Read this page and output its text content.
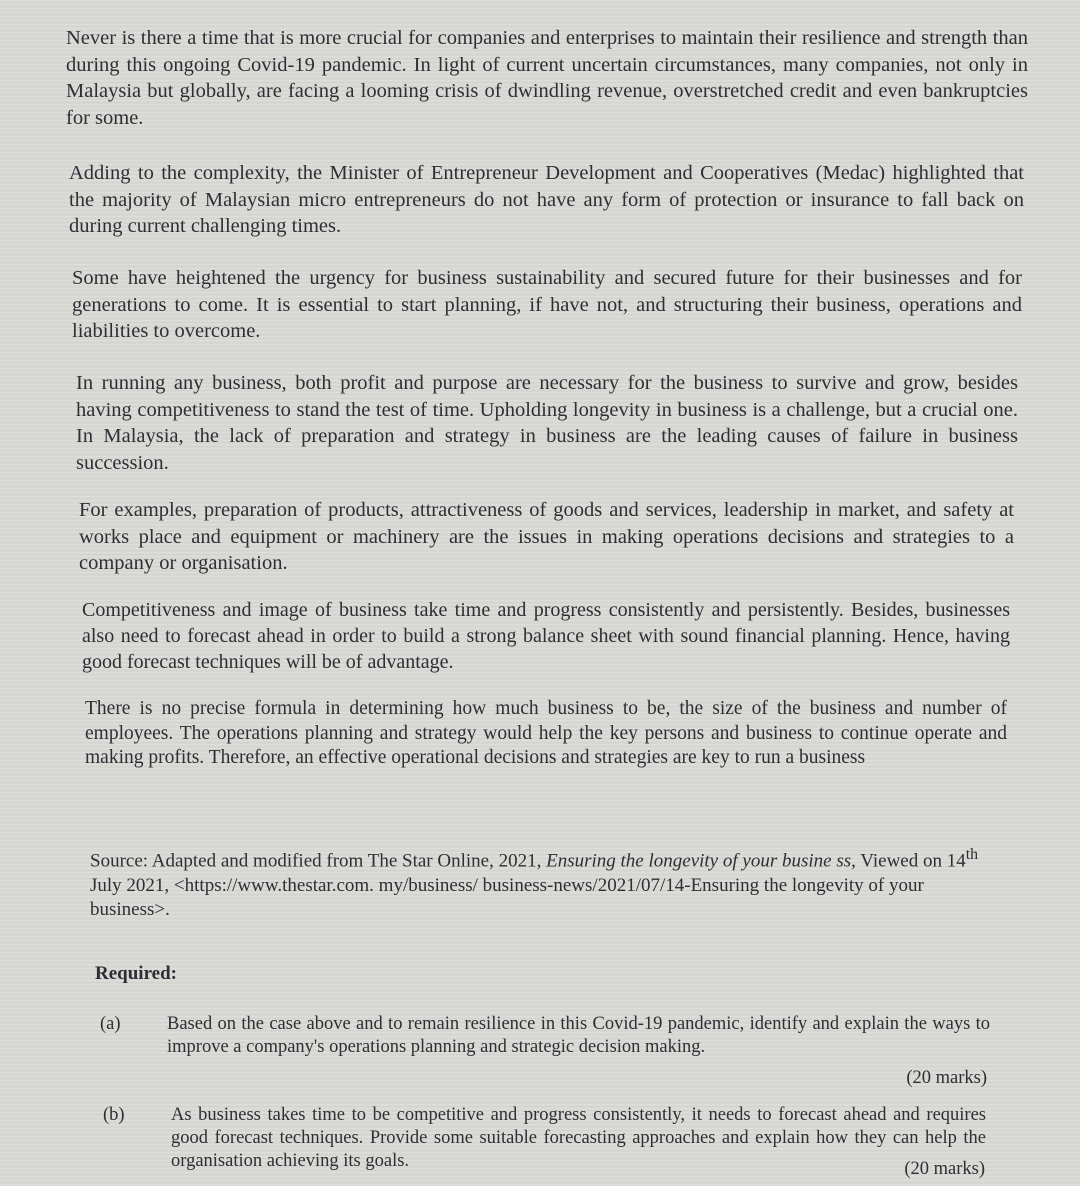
Never is there a time that is more crucial for companies and enterprises to maintain their resilience and strength than during this ongoing Covid-19 pandemic. In light of current uncertain circumstances, many companies, not only in Malaysia but globally, are facing a looming crisis of dwindling revenue, overstretched credit and even bankruptcies for some.

Adding to the complexity, the Minister of Entrepreneur Development and Cooperatives (Medac) highlighted that the majority of Malaysian micro entrepreneurs do not have any form of protection or insurance to fall back on during current challenging times.

Some have heightened the urgency for business sustainability and secured future for their businesses and for generations to come. It is essential to start planning, if have not, and structuring their business, operations and liabilities to overcome.

In running any business, both profit and purpose are necessary for the business to survive and grow, besides having competitiveness to stand the test of time. Upholding longevity in business is a challenge, but a crucial one. In Malaysia, the lack of preparation and strategy in business are the leading causes of failure in business succession.

For examples, preparation of products, attractiveness of goods and services, leadership in market, and safety at works place and equipment or machinery are the issues in making operations decisions and strategies to a company or organisation.

Competitiveness and image of business take time and progress consistently and persistently. Besides, businesses also need to forecast ahead in order to build a strong balance sheet with sound financial planning. Hence, having good forecast techniques will be of advantage.

There is no precise formula in determining how much business to be, the size of the business and number of employees. The operations planning and strategy would help the key persons and business to continue operate and making profits. Therefore, an effective operational decisions and strategies are key to run a business

Source: Adapted and modified from The Star Online, 2021, Ensuring the longevity of your busine ss, Viewed on 14th July 2021, <https://www.thestar.com. my/business/ business-news/2021/07/14-Ensuring the longevity of your business>.

Required:

(a)	Based on the case above and to remain resilience in this Covid-19 pandemic, identify and explain the ways to improve a company's operations planning and strategic decision making.
(20 marks)
(b)	As business takes time to be competitive and progress consistently, it needs to forecast ahead and requires good forecast techniques. Provide some suitable forecasting approaches and explain how they can help the organisation achieving its goals.	(20 marks)
